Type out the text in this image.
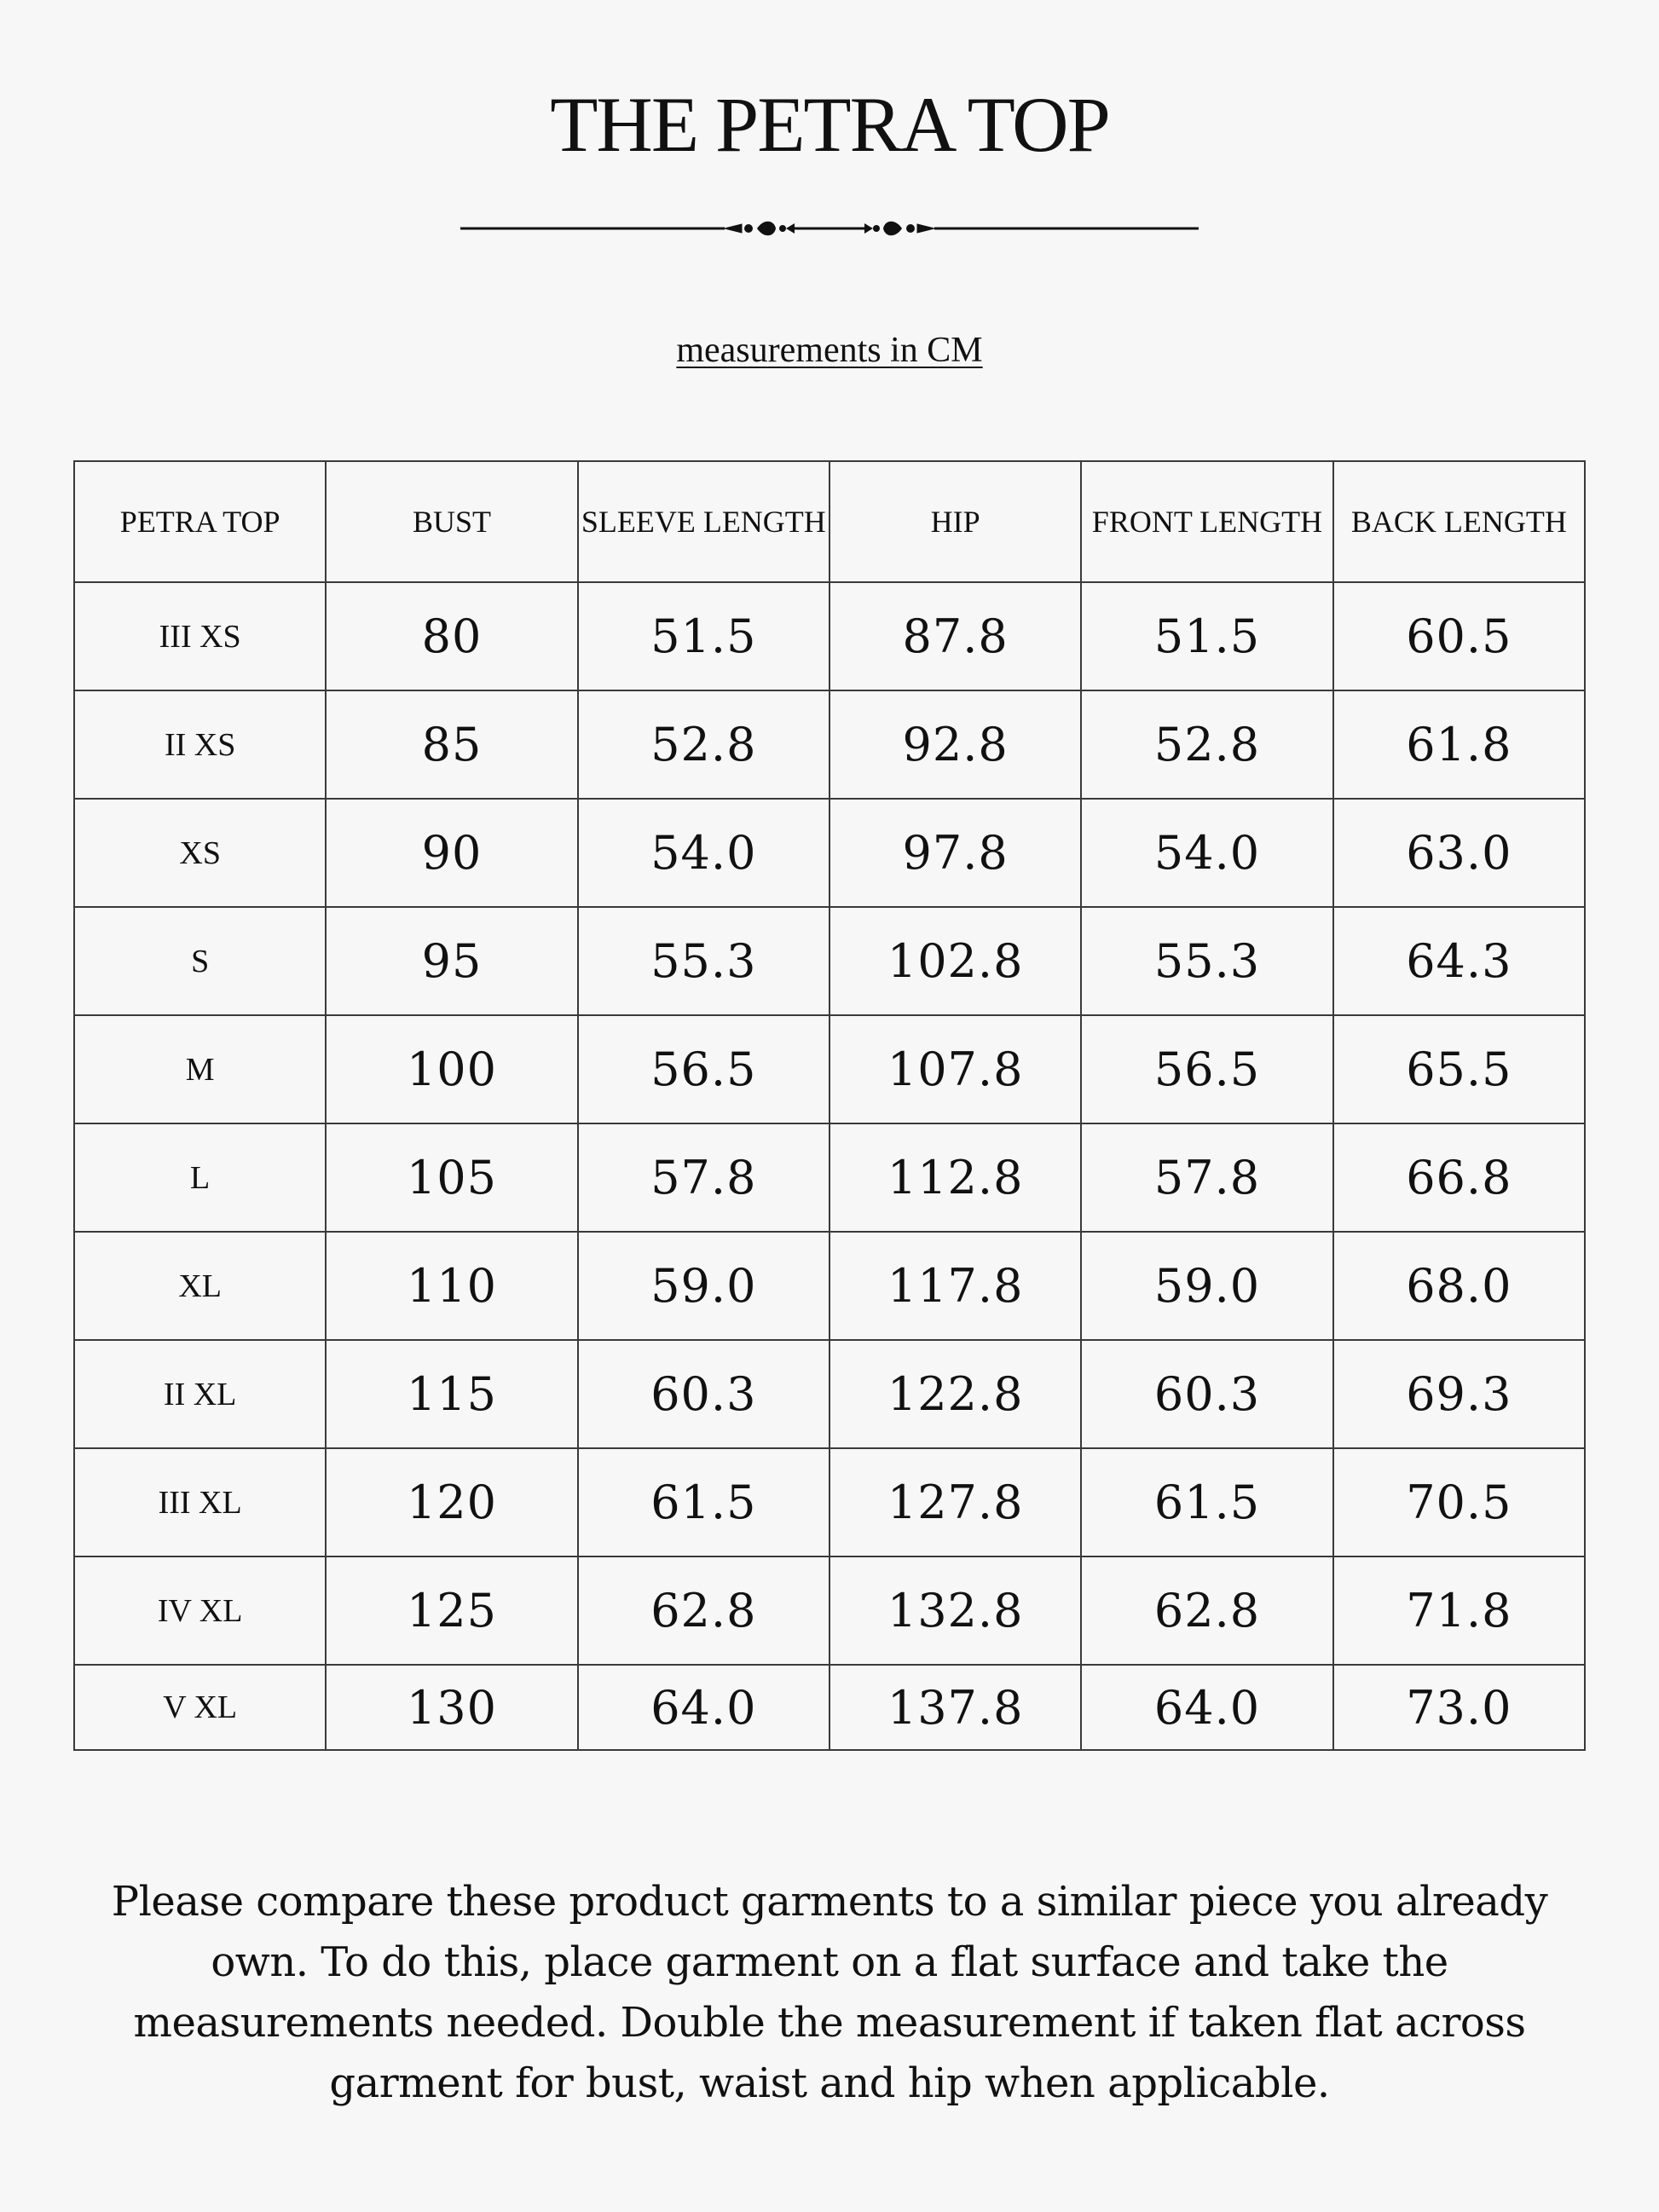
THE PETRA TOP
measurements in CM
PETRA TOP	BUST	SLEEVE LENGTH	HIP	FRONT LENGTH	BACK LENGTH
III XS	80	51.5	87.8	51.5	60.5
II XS	85	52.8	92.8	52.8	61.8
XS	90	54.0	97.8	54.0	63.0
S	95	55.3	102.8	55.3	64.3
M	100	56.5	107.8	56.5	65.5
L	105	57.8	112.8	57.8	66.8
XL	110	59.0	117.8	59.0	68.0
II XL	115	60.3	122.8	60.3	69.3
III XL	120	61.5	127.8	61.5	70.5
IV XL	125	62.8	132.8	62.8	71.8
V XL	130	64.0	137.8	64.0	73.0

Please compare these product garments to a similar piece you already own. To do this, place garment on a flat surface and take the measurements needed. Double the measurement if taken flat across garment for bust, waist and hip when applicable.
